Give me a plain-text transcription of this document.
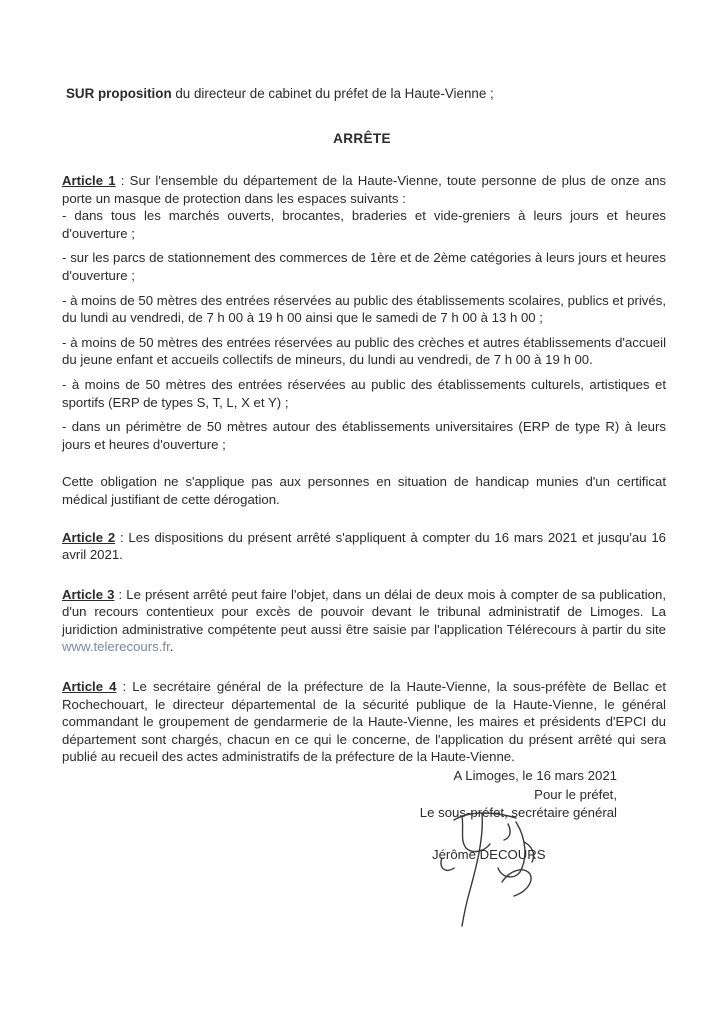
SUR proposition du directeur de cabinet du préfet de la Haute-Vienne ;
ARRÊTE

Article 1 : Sur l'ensemble du département de la Haute-Vienne, toute personne de plus de onze ans porte un masque de protection dans les espaces suivants :

- dans tous les marchés ouverts, brocantes, braderies et vide-greniers à leurs jours et heures d'ouverture ;

- sur les parcs de stationnement des commerces de 1ère et de 2ème catégories à leurs jours et heures d'ouverture ;

- à moins de 50 mètres des entrées réservées au public des établissements scolaires, publics et privés, du lundi au vendredi, de 7 h 00 à 19 h 00 ainsi que le samedi de 7 h 00 à 13 h 00 ;

- à moins de 50 mètres des entrées réservées au public des crèches et autres établissements d'accueil du jeune enfant et accueils collectifs de mineurs, du lundi au vendredi, de 7 h 00 à 19 h 00.

- à moins de 50 mètres des entrées réservées au public des établissements culturels, artistiques et sportifs (ERP de types S, T, L, X et Y) ;

- dans un périmètre de 50 mètres autour des établissements universitaires (ERP de type R) à leurs jours et heures d'ouverture ;

Cette obligation ne s'applique pas aux personnes en situation de handicap munies d'un certificat médical justifiant de cette dérogation.

Article 2 : Les dispositions du présent arrêté s'appliquent à compter du 16 mars 2021 et jusqu'au 16 avril 2021.

Article 3 : Le présent arrêté peut faire l'objet, dans un délai de deux mois à compter de sa publication, d'un recours contentieux pour excès de pouvoir devant le tribunal administratif de Limoges. La juridiction administrative compétente peut aussi être saisie par l'application Télérecours à partir du site www.telerecours.fr.

Article 4 : Le secrétaire général de la préfecture de la Haute-Vienne, la sous-préfète de Bellac et Rochechouart, le directeur départemental de la sécurité publique de la Haute-Vienne, le général commandant le groupement de gendarmerie de la Haute-Vienne, les maires et présidents d'EPCI du département sont chargés, chacun en ce qui le concerne, de l'application du présent arrêté qui sera publié au recueil des actes administratifs de la préfecture de la Haute-Vienne.

A Limoges, le 16 mars 2021
Pour le préfet,
Le sous-préfet, secrétaire général
Jérôme DECOURS
